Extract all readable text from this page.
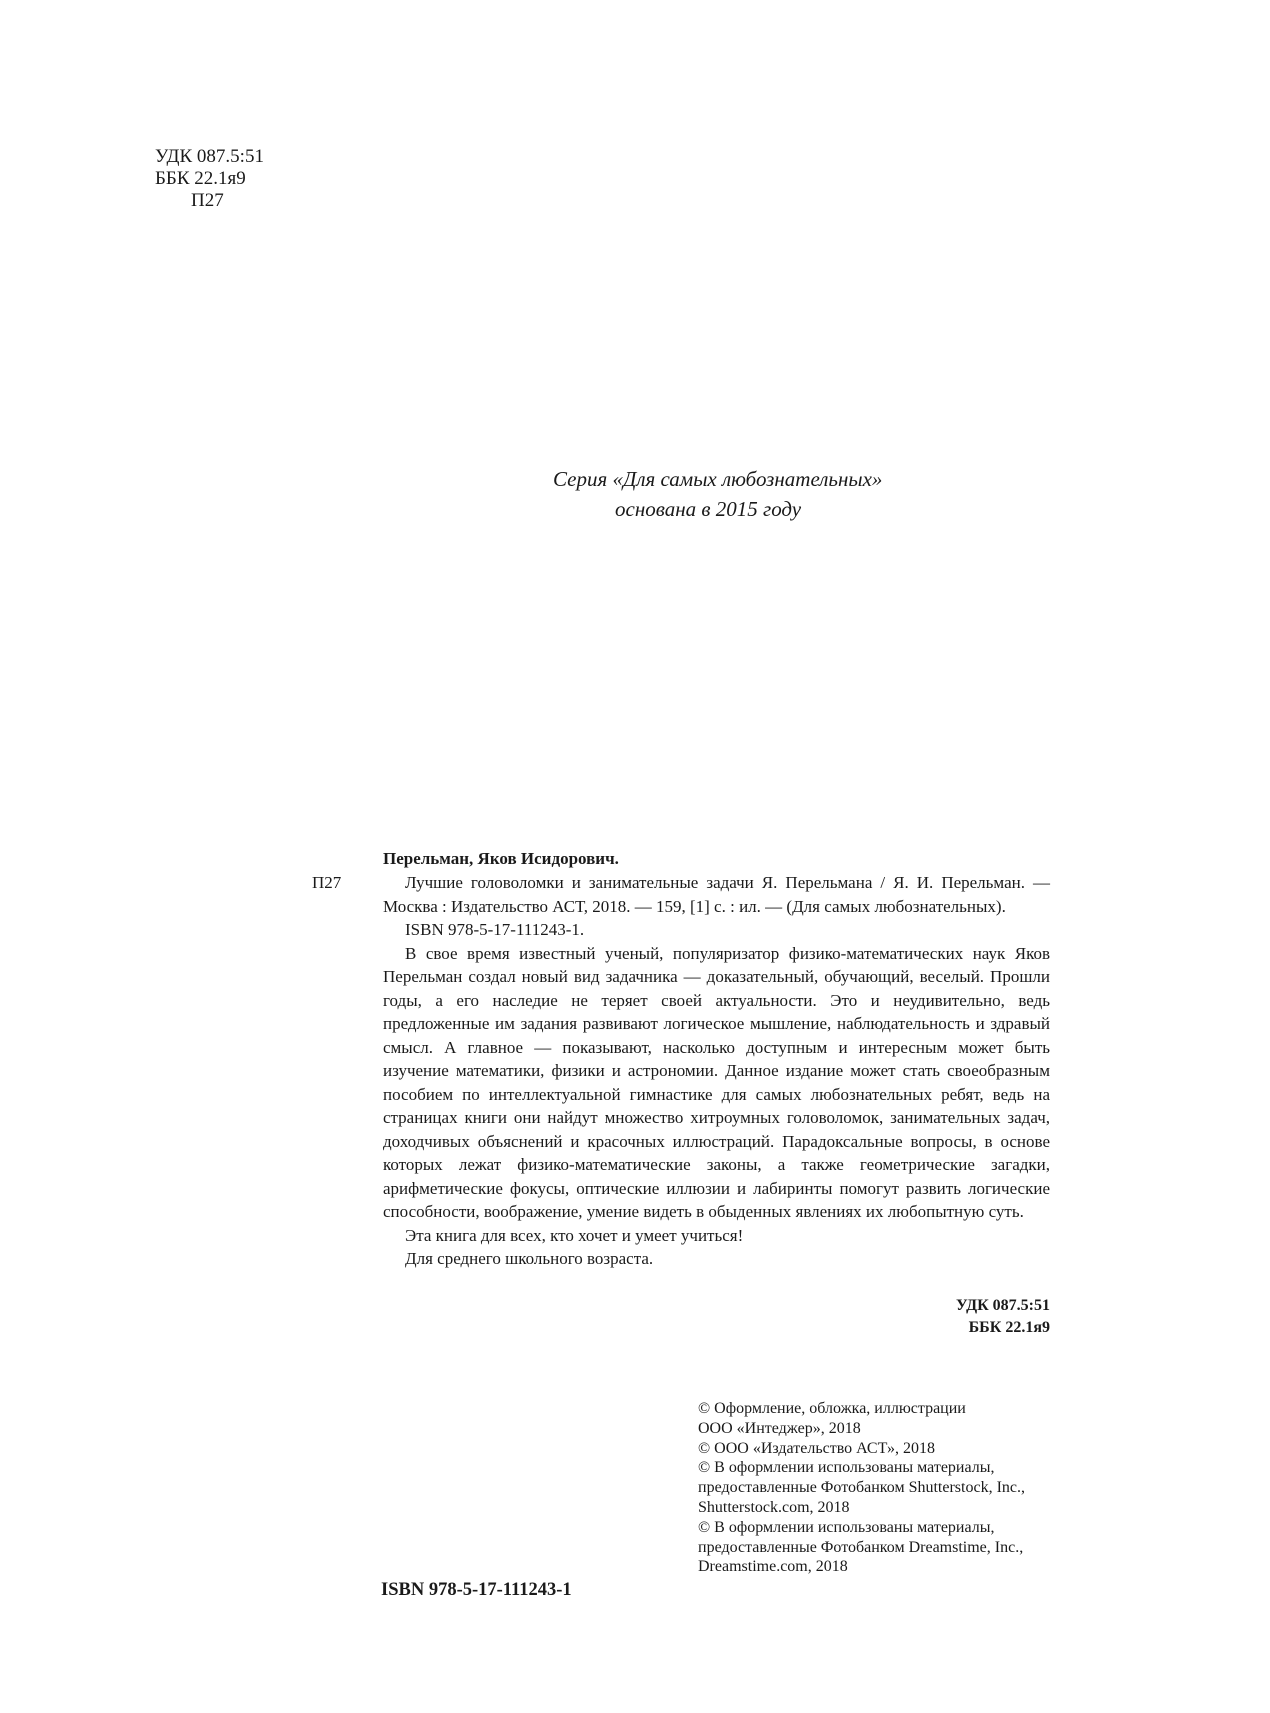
УДК 087.5:51
ББК 22.1я9
П27
Серия «Для самых любознательных»
основана в 2015 году
Перельман, Яков Исидорович.
П27	Лучшие головоломки и занимательные задачи Я. Перельмана / Я. И. Перельман. — Москва : Издательство АСТ, 2018. — 159, [1] с. : ил. — (Для самых любознательных).

ISBN 978-5-17-111243-1.

В свое время известный ученый, популяризатор физико-математических наук Яков Перельман создал новый вид задачника — доказательный, обучающий, веселый. Прошли годы, а его наследие не теряет своей актуальности. Это и неудивительно, ведь предложенные им задания развивают логическое мышление, наблюдательность и здравый смысл. А главное — показывают, насколько доступным и интересным может быть изучение математики, физики и астрономии. Данное издание может стать своеобразным пособием по интеллектуальной гимнастике для самых любознательных ребят, ведь на страницах книги они найдут множество хитроумных головоломок, занимательных задач, доходчивых объяснений и красочных иллюстраций. Парадоксальные вопросы, в основе которых лежат физико-математические законы, а также геометрические загадки, арифметические фокусы, оптические иллюзии и лабиринты помогут развить логические способности, воображение, умение видеть в обыденных явлениях их любопытную суть.

Эта книга для всех, кто хочет и умеет учиться!

Для среднего школьного возраста.

УДК 087.5:51
ББК 22.1я9
© Оформление, обложка, иллюстрации
ООО «Интеджер», 2018
© ООО «Издательство АСТ», 2018
© В оформлении использованы материалы,
предоставленные Фотобанком Shutterstock, Inc.,
Shutterstock.com, 2018
© В оформлении использованы материалы,
предоставленные Фотобанком Dreamstime, Inc.,
Dreamstime.com, 2018
ISBN 978-5-17-111243-1
